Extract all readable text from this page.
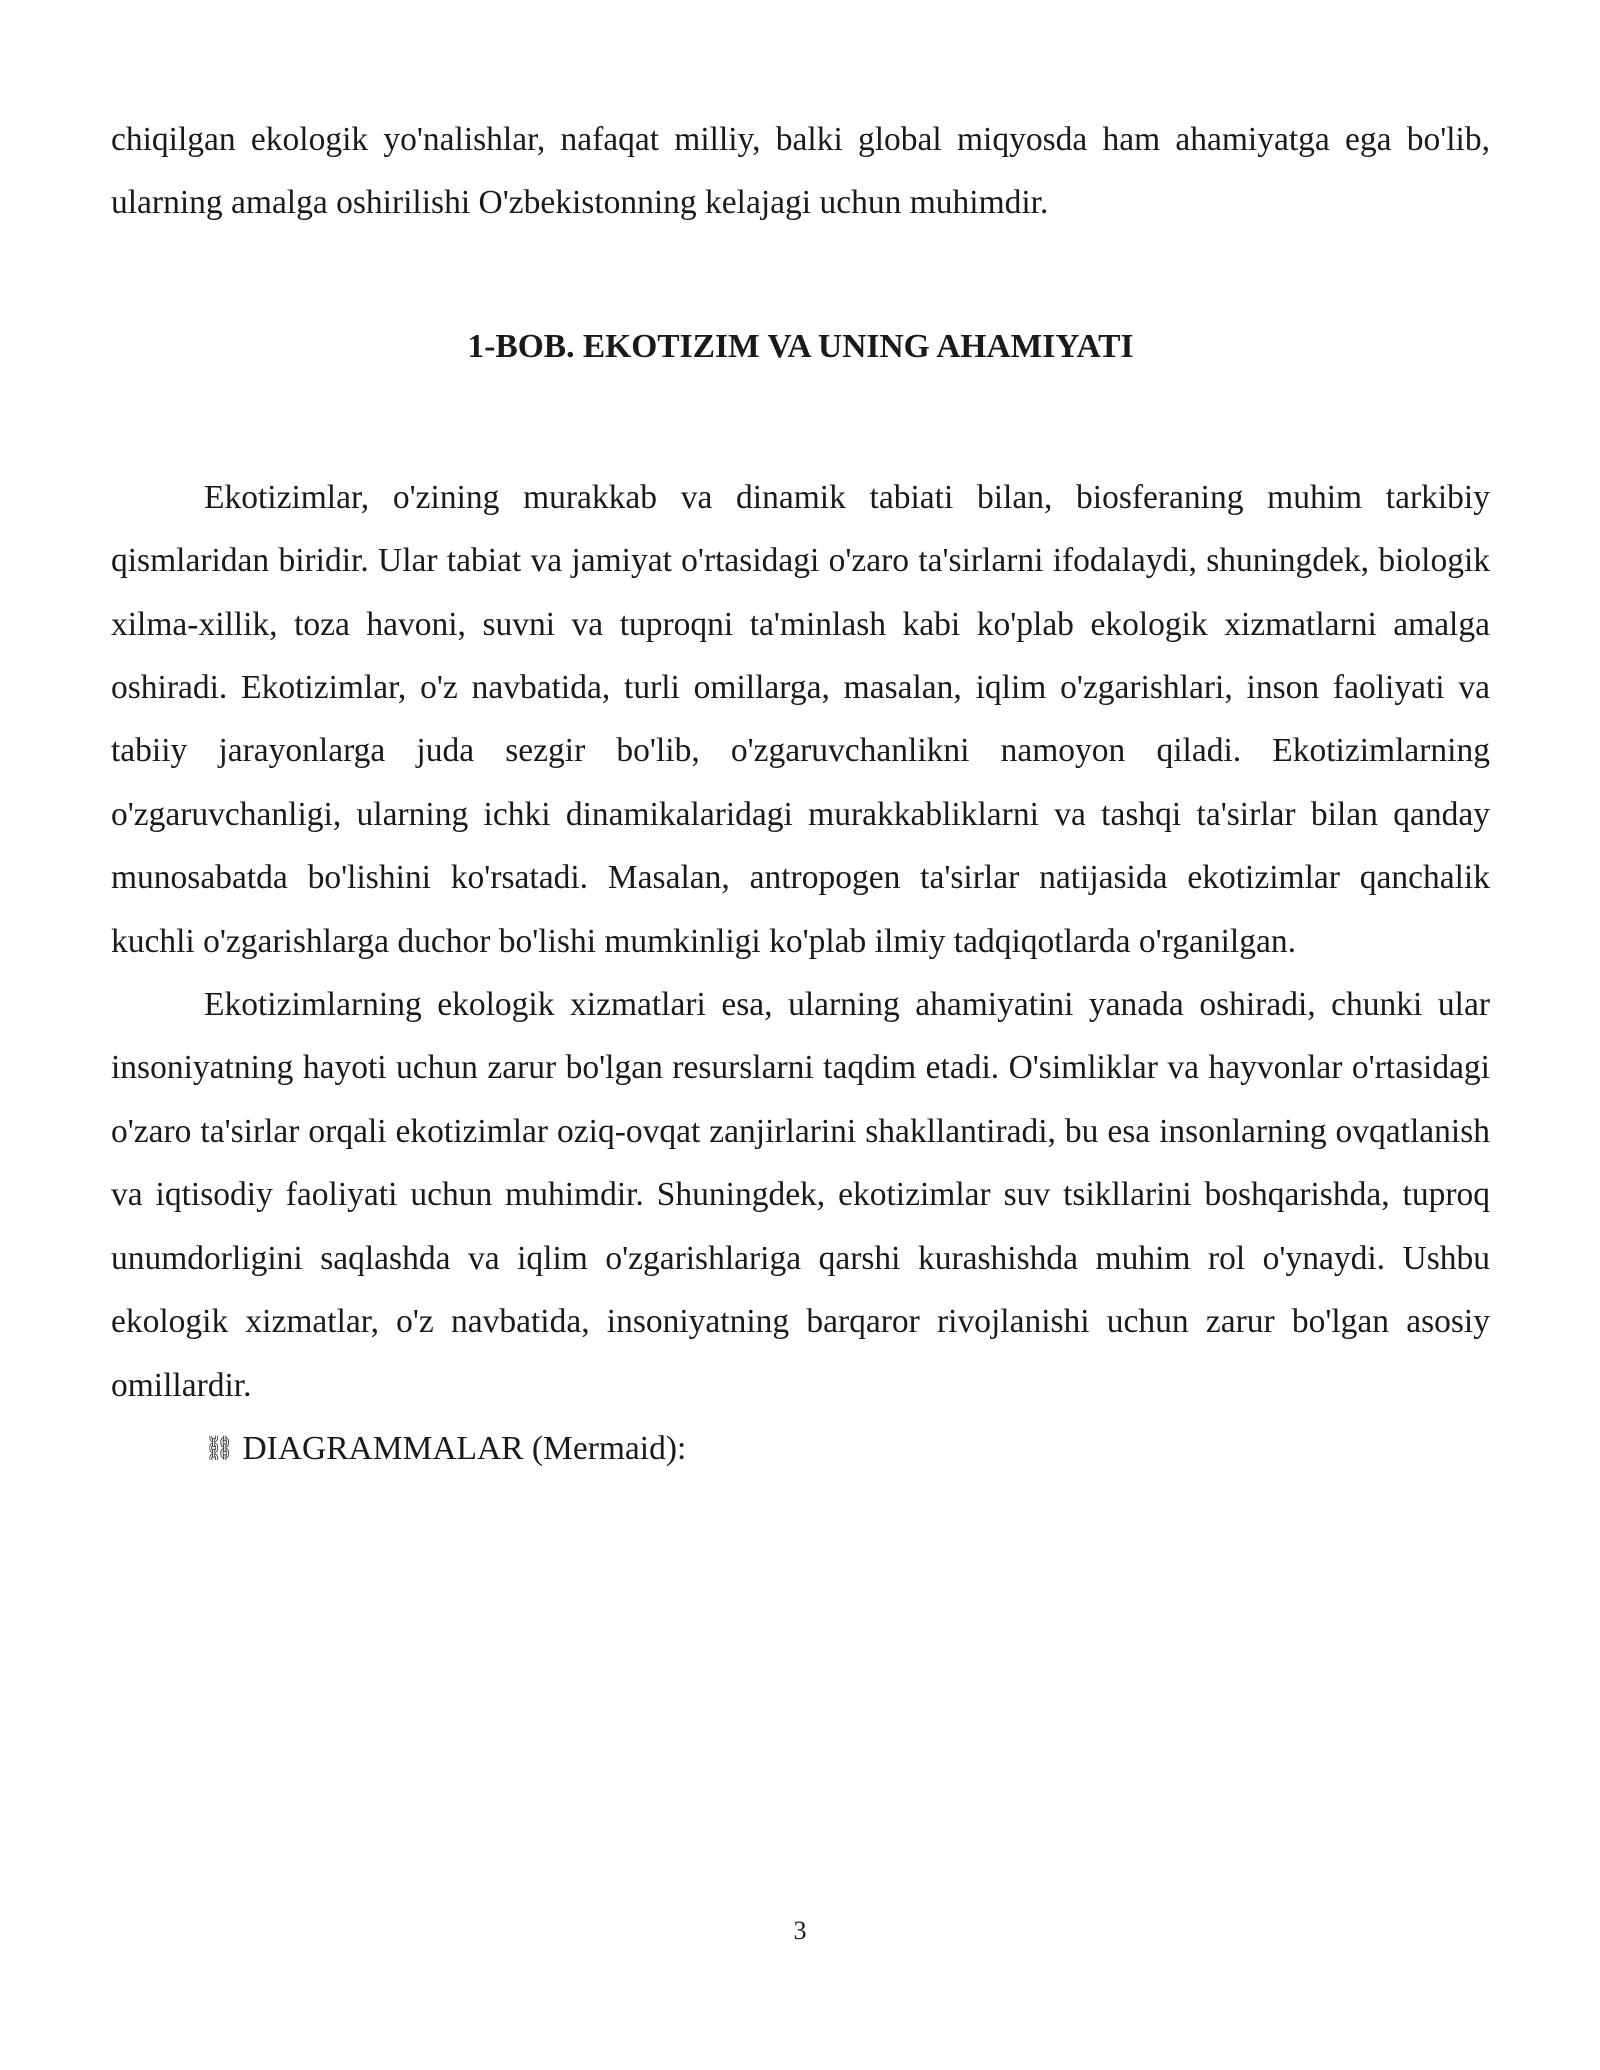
chiqilgan ekologik yo'nalishlar, nafaqat milliy, balki global miqyosda ham ahamiyatga ega bo'lib, ularning amalga oshirilishi O'zbekistonning kelajagi uchun muhimdir.

1-BOB. EKOTIZIM VA UNING AHAMIYATI

Ekotizimlar, o'zining murakkab va dinamik tabiati bilan, biosferaning muhim tarkibiy qismlaridan biridir. Ular tabiat va jamiyat o'rtasidagi o'zaro ta'sirlarni ifodalaydi, shuningdek, biologik xilma-xillik, toza havoni, suvni va tuproqni ta'minlash kabi ko'plab ekologik xizmatlarni amalga oshiradi. Ekotizimlar, o'z navbatida, turli omillarga, masalan, iqlim o'zgarishlari, inson faoliyati va tabiiy jarayonlarga juda sezgir bo'lib, o'zgaruvchanlikni namoyon qiladi. Ekotizimlarning o'zgaruvchanligi, ularning ichki dinamikalaridagi murakkabliklarni va tashqi ta'sirlar bilan qanday munosabatda bo'lishini ko'rsatadi. Masalan, antropogen ta'sirlar natijasida ekotizimlar qanchalik kuchli o'zgarishlarga duchor bo'lishi mumkinligi ko'plab ilmiy tadqiqotlarda o'rganilgan.

Ekotizimlarning ekologik xizmatlari esa, ularning ahamiyatini yanada oshiradi, chunki ular insoniyatning hayoti uchun zarur bo'lgan resurslarni taqdim etadi. O'simliklar va hayvonlar o'rtasidagi o'zaro ta'sirlar orqali ekotizimlar oziq-ovqat zanjirlarini shakllantiradi, bu esa insonlarning ovqatlanish va iqtisodiy faoliyati uchun muhimdir. Shuningdek, ekotizimlar suv tsikllarini boshqarishda, tuproq unumdorligini saqlashda va iqlim o'zgarishlariga qarshi kurashishda muhim rol o'ynaydi. Ushbu ekologik xizmatlar, o'z navbatida, insoniyatning barqaror rivojlanishi uchun zarur bo'lgan asosiy omillardir.

⛓ DIAGRAMMALAR (Mermaid):

3
